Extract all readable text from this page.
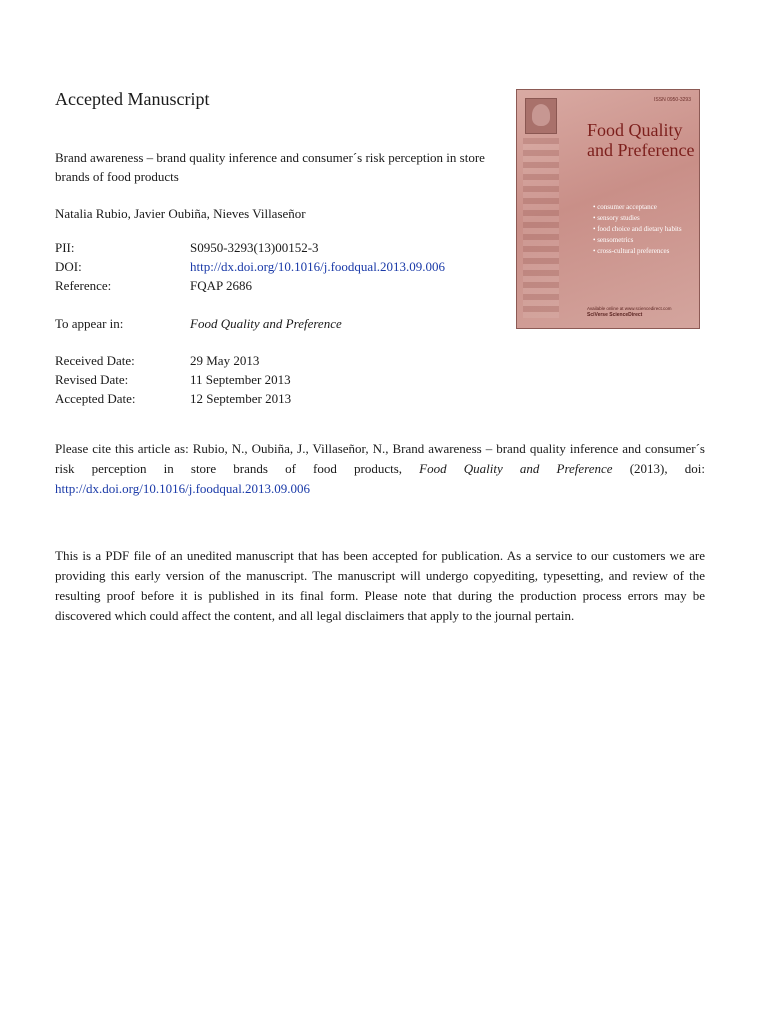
Accepted Manuscript
Brand awareness – brand quality inference and consumer´s risk perception in store brands of food products
Natalia Rubio, Javier Oubiña, Nieves Villaseñor
PII:	S0950-3293(13)00152-3
DOI:	http://dx.doi.org/10.1016/j.foodqual.2013.09.006
Reference:	FQAP 2686
To appear in:	Food Quality and Preference
Received Date:	29 May 2013
Revised Date:	11 September 2013
Accepted Date:	12 September 2013
Please cite this article as: Rubio, N., Oubiña, J., Villaseñor, N., Brand awareness – brand quality inference and consumer´s risk perception in store brands of food products, Food Quality and Preference (2013), doi: http://dx.doi.org/10.1016/j.foodqual.2013.09.006
This is a PDF file of an unedited manuscript that has been accepted for publication. As a service to our customers we are providing this early version of the manuscript. The manuscript will undergo copyediting, typesetting, and review of the resulting proof before it is published in its final form. Please note that during the production process errors may be discovered which could affect the content, and all legal disclaimers that apply to the journal pertain.
ISSN 0950-3293
Food Quality and Preference
• consumer acceptance
• sensory studies
• food choice and dietary habits
• sensometrics
• cross-cultural preferences
Available online at www.sciencedirect.com
SciVerse ScienceDirect
